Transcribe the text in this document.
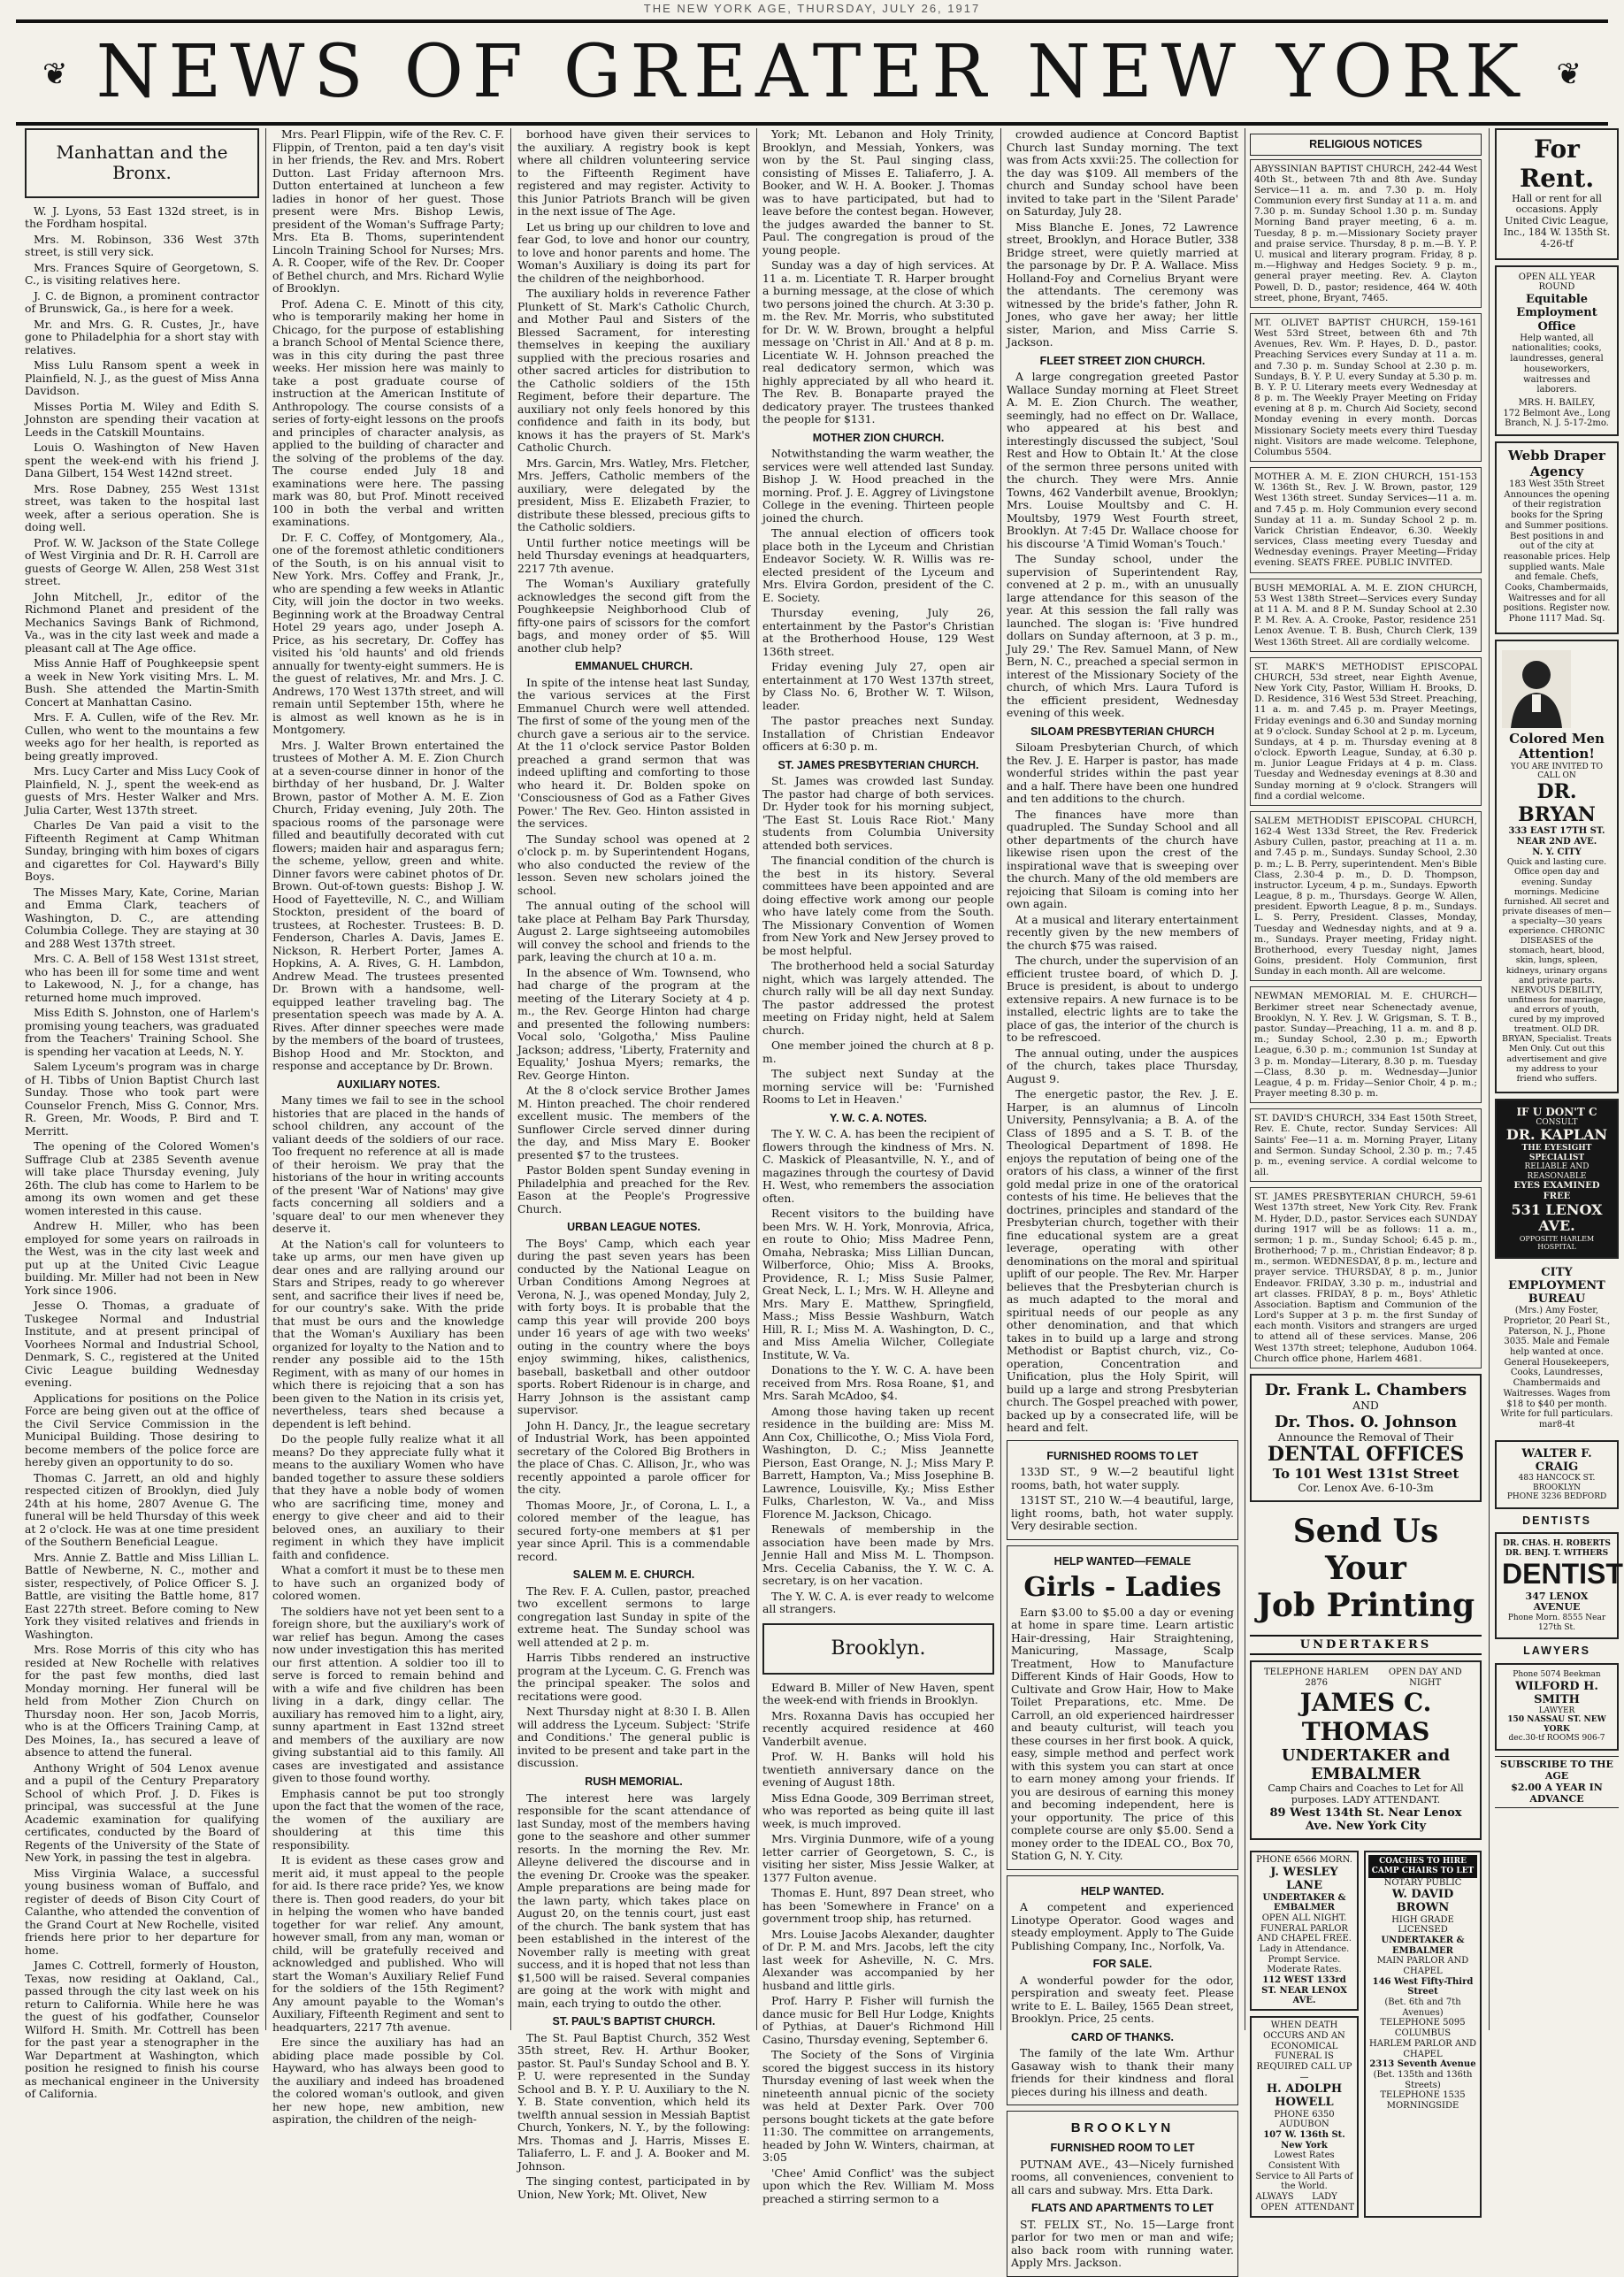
THE NEW YORK AGE, THURSDAY, JULY 26, 1917
❦ NEWS OF GREATER NEW YORK ❦
Manhattan and the Bronx.

W. J. Lyons, 53 East 132d street, is in the Fordham hospital.

Mrs. M. Robinson, 336 West 37th street, is still very sick.

Mrs. Frances Squire of Georgetown, S. C., is visiting relatives here.

J. C. de Bignon, a prominent contractor of Brunswick, Ga., is here for a week.

Mr. and Mrs. G. R. Custes, Jr., have gone to Philadelphia for a short stay with relatives.

Miss Lulu Ransom spent a week in Plainfield, N. J., as the guest of Miss Anna Davidson.

Misses Portia M. Wiley and Edith S. Johnston are spending their vacation at Leeds in the Catskill Mountains.

Louis O. Washington of New Haven spent the week-end with his friend J. Dana Gilbert, 154 West 142nd street.

Mrs. Rose Dabney, 255 West 131st street, was taken to the hospital last week, after a serious operation. She is doing well.

Prof. W. W. Jackson of the State College of West Virginia and Dr. R. H. Carroll are guests of George W. Allen, 258 West 31st street.

John Mitchell, Jr., editor of the Richmond Planet and president of the Mechanics Savings Bank of Richmond, Va., was in the city last week and made a pleasant call at The Age office.

Miss Annie Haff of Poughkeepsie spent a week in New York visiting Mrs. L. M. Bush. She attended the Martin-Smith Concert at Manhattan Casino.

Mrs. F. A. Cullen, wife of the Rev. Mr. Cullen, who went to the mountains a few weeks ago for her health, is reported as being greatly improved.

Mrs. Lucy Carter and Miss Lucy Cook of Plainfield, N. J., spent the week-end as guests of Mrs. Hester Walker and Mrs. Julia Carter, West 137th street.

Charles De Van paid a visit to the Fifteenth Regiment at Camp Whitman Sunday, bringing with him boxes of cigars and cigarettes for Col. Hayward's Billy Boys.

The Misses Mary, Kate, Corine, Marian and Emma Clark, teachers of Washington, D. C., are attending Columbia College. They are staying at 30 and 288 West 137th street.

Mrs. C. A. Bell of 158 West 131st street, who has been ill for some time and went to Lakewood, N. J., for a change, has returned home much improved.

Miss Edith S. Johnston, one of Harlem's promising young teachers, was graduated from the Teachers' Training School. She is spending her vacation at Leeds, N. Y.

Salem Lyceum's program was in charge of H. Tibbs of Union Baptist Church last Sunday. Those who took part were Counselor French, Miss G. Connor, Mrs. R. Green, Mr. Woods, P. Bird and T. Merritt.

The opening of the Colored Women's Suffrage Club at 2385 Seventh avenue will take place Thursday evening, July 26th. The club has come to Harlem to be among its own women and get these women interested in this cause.

Andrew H. Miller, who has been employed for some years on railroads in the West, was in the city last week and put up at the United Civic League building. Mr. Miller had not been in New York since 1906.

Jesse O. Thomas, a graduate of Tuskegee Normal and Industrial Institute, and at present principal of Voorhees Normal and Industrial School, Denmark, S. C., registered at the United Civic League building Wednesday evening.

Applications for positions on the Police Force are being given out at the office of the Civil Service Commission in the Municipal Building. Those desiring to become members of the police force are hereby given an opportunity to do so.

Thomas C. Jarrett, an old and highly respected citizen of Brooklyn, died July 24th at his home, 2807 Avenue G. The funeral will be held Thursday of this week at 2 o'clock. He was at one time president of the Southern Beneficial League.

Mrs. Annie Z. Battle and Miss Lillian L. Battle of Newberne, N. C., mother and sister, respectively, of Police Officer S. J. Battle, are visiting the Battle home, 817 East 227th street. Before coming to New York they visited relatives and friends in Washington.

Mrs. Rose Morris of this city who has resided at New Rochelle with relatives for the past few months, died last Monday morning. Her funeral will be held from Mother Zion Church on Thursday noon. Her son, Jacob Morris, who is at the Officers Training Camp, at Des Moines, Ia., has secured a leave of absence to attend the funeral.

Anthony Wright of 504 Lenox avenue and a pupil of the Century Preparatory School of which Prof. J. D. Fikes is principal, was successful at the June Academic examination for qualifying certificates, conducted by the Board of Regents of the University of the State of New York, in passing the test in algebra.

Miss Virginia Walace, a successful young business woman of Buffalo, and register of deeds of Bison City Court of Calanthe, who attended the convention of the Grand Court at New Rochelle, visited friends here prior to her departure for home.

James C. Cottrell, formerly of Houston, Texas, now residing at Oakland, Cal., passed through the city last week on his return to California. While here he was the guest of his godfather, Counselor Wilford H. Smith. Mr. Cottrell has been for the past year a stenographer in the War Department at Washington, which position he resigned to finish his course as mechanical engineer in the University of California.

Mrs. Pearl Flippin, wife of the Rev. C. F. Flippin, of Trenton, paid a ten day's visit in her friends, the Rev. and Mrs. Robert Dutton. Last Friday afternoon Mrs. Dutton entertained at luncheon a few ladies in honor of her guest. Those present were Mrs. Bishop Lewis, president of the Woman's Suffrage Party; Mrs. Eta B. Thoms, superintendent Lincoln Training School for Nurses; Mrs. A. R. Cooper, wife of the Rev. Dr. Cooper of Bethel church, and Mrs. Richard Wylie of Brooklyn.

Prof. Adena C. E. Minott of this city, who is temporarily making her home in Chicago, for the purpose of establishing a branch School of Mental Science there, was in this city during the past three weeks. Her mission here was mainly to take a post graduate course of instruction at the American Institute of Anthropology. The course consists of a series of forty-eight lessons on the proofs and principles of character analysis, as applied to the building of character and the solving of the problems of the day. The course ended July 18 and examinations were here. The passing mark was 80, but Prof. Minott received 100 in both the verbal and written examinations.

Dr. F. C. Coffey, of Montgomery, Ala., one of the foremost athletic conditioners of the South, is on his annual visit to New York. Mrs. Coffey and Frank, Jr., who are spending a few weeks in Atlantic City, will join the doctor in two weeks. Beginning work at the Broadway Central Hotel 29 years ago, under Joseph A. Price, as his secretary, Dr. Coffey has visited his 'old haunts' and old friends annually for twenty-eight summers. He is the guest of relatives, Mr. and Mrs. J. C. Andrews, 170 West 137th street, and will remain until September 15th, where he is almost as well known as he is in Montgomery.

Mrs. J. Walter Brown entertained the trustees of Mother A. M. E. Zion Church at a seven-course dinner in honor of the birthday of her husband, Dr. J. Walter Brown, pastor of Mother A. M. E. Zion Church, Friday evening, July 20th. The spacious rooms of the parsonage were filled and beautifully decorated with cut flowers; maiden hair and asparagus fern; the scheme, yellow, green and white. Dinner favors were cabinet photos of Dr. Brown. Out-of-town guests: Bishop J. W. Hood of Fayetteville, N. C., and William Stockton, president of the board of trustees, at Rochester. Trustees: B. D. Fenderson, Charles A. Davis, James E. Nickson, R. Herbert Porter, James A. Hopkins, A. A. Rives, G. H. Lambdon, Andrew Mead. The trustees presented Dr. Brown with a handsome, well-equipped leather traveling bag. The presentation speech was made by A. A. Rives. After dinner speeches were made by the members of the board of trustees, Bishop Hood and Mr. Stockton, and response and acceptance by Dr. Brown.

AUXILIARY NOTES.

Many times we fail to see in the school histories that are placed in the hands of school children, any account of the valiant deeds of the soldiers of our race. Too frequent no reference at all is made of their heroism. We pray that the historians of the hour in writing accounts of the present 'War of Nations' may give facts concerning all soldiers and a 'square deal' to our men whenever they deserve it.

At the Nation's call for volunteers to take up arms, our men have given up dear ones and are rallying around our Stars and Stripes, ready to go wherever sent, and sacrifice their lives if need be, for our country's sake. With the pride that must be ours and the knowledge that the Woman's Auxiliary has been organized for loyalty to the Nation and to render any possible aid to the 15th Regiment, with as many of our homes in which there is rejoicing that a son has been given to the Nation in its crisis yet, nevertheless, tears shed because a dependent is left behind.

Do the people fully realize what it all means? Do they appreciate fully what it means to the auxiliary Women who have banded together to assure these soldiers that they have a noble body of women who are sacrificing time, money and energy to give cheer and aid to their beloved ones, an auxiliary to their regiment in which they have implicit faith and confidence.

What a comfort it must be to these men to have such an organized body of colored women.

The soldiers have not yet been sent to a foreign shore, but the auxiliary's work of war relief has begun. Among the cases now under investigation this has merited our first attention. A soldier too ill to serve is forced to remain behind and with a wife and five children has been living in a dark, dingy cellar. The auxiliary has removed him to a light, airy, sunny apartment in East 132nd street and members of the auxiliary are now giving substantial aid to this family. All cases are investigated and assistance given to those found worthy.

Emphasis cannot be put too strongly upon the fact that the women of the race, the women of the auxiliary are shouldering at this time this responsibility.

It is evident as these cases grow and merit aid, it must appeal to the people for aid. Is there race pride? Yes, we know there is. Then good readers, do your bit in helping the women who have banded together for war relief. Any amount, however small, from any man, woman or child, will be gratefully received and acknowledged and published. Who will start the Woman's Auxiliary Relief Fund for the soldiers of the 15th Regiment? Any amount payable to the Woman's Auxiliary, Fifteenth Regiment and sent to headquarters, 2217 7th avenue.

Ere since the auxiliary has had an abiding place made possible by Col. Hayward, who has always been good to the auxiliary and indeed has broadened the colored woman's outlook, and given her new hope, new ambition, new aspiration, the children of the neigh-

borhood have given their services to the auxiliary. A registry book is kept where all children volunteering service to the Fifteenth Regiment have registered and may register. Activity to this Junior Patriots Branch will be given in the next issue of The Age.

Let us bring up our children to love and fear God, to love and honor our country, to love and honor parents and home. The Woman's Auxiliary is doing its part for the children of the neighborhood.

The auxiliary holds in reverence Father Plunkett of St. Mark's Catholic Church, and Mother Paul and Sisters of the Blessed Sacrament, for interesting themselves in keeping the auxiliary supplied with the precious rosaries and other sacred articles for distribution to the Catholic soldiers of the 15th Regiment, before their departure. The auxiliary not only feels honored by this confidence and faith in its body, but knows it has the prayers of St. Mark's Catholic Church.

Mrs. Garcin, Mrs. Watley, Mrs. Fletcher, Mrs. Jeffers, Catholic members of the auxiliary, were delegated by the president, Miss E. Elizabeth Frazier, to distribute these blessed, precious gifts to the Catholic soldiers.

Until further notice meetings will be held Thursday evenings at headquarters, 2217 7th avenue.

The Woman's Auxiliary gratefully acknowledges the second gift from the Poughkeepsie Neighborhood Club of fifty-one pairs of scissors for the comfort bags, and money order of $5. Will another club help?

EMMANUEL CHURCH.

In spite of the intense heat last Sunday, the various services at the First Emmanuel Church were well attended. The first of some of the young men of the church gave a serious air to the service. At the 11 o'clock service Pastor Bolden preached a grand sermon that was indeed uplifting and comforting to those who heard it. Dr. Bolden spoke on 'Consciousness of God as a Father Gives Power.' The Rev. Geo. Hinton assisted in the services.

The Sunday school was opened at 2 o'clock p. m. by Superintendent Hogans, who also conducted the review of the lesson. Seven new scholars joined the school.

The annual outing of the school will take place at Pelham Bay Park Thursday, August 2. Large sightseeing automobiles will convey the school and friends to the park, leaving the church at 10 a. m.

In the absence of Wm. Townsend, who had charge of the program at the meeting of the Literary Society at 4 p. m., the Rev. George Hinton had charge and presented the following numbers: Vocal solo, 'Golgotha,' Miss Pauline Jackson; address, 'Liberty, Fraternity and Equality,' Joshua Myers; remarks, the Rev. George Hinton.

At the 8 o'clock service Brother James M. Hinton preached. The choir rendered excellent music. The members of the Sunflower Circle served dinner during the day, and Miss Mary E. Booker presented $7 to the trustees.

Pastor Bolden spent Sunday evening in Philadelphia and preached for the Rev. Eason at the People's Progressive Church.

URBAN LEAGUE NOTES.

The Boys' Camp, which each year during the past seven years has been conducted by the National League on Urban Conditions Among Negroes at Verona, N. J., was opened Monday, July 2, with forty boys. It is probable that the camp this year will provide 200 boys under 16 years of age with two weeks' outing in the country where the boys enjoy swimming, hikes, calisthenics, baseball, basketball and other outdoor sports. Robert Ridenour is in charge, and Harry Johnson is the assistant camp supervisor.

John H. Dancy, Jr., the league secretary of Industrial Work, has been appointed secretary of the Colored Big Brothers in the place of Chas. C. Allison, Jr., who was recently appointed a parole officer for the city.

Thomas Moore, Jr., of Corona, L. I., a colored member of the league, has secured forty-one members at $1 per year since April. This is a commendable record.

SALEM M. E. CHURCH.

The Rev. F. A. Cullen, pastor, preached two excellent sermons to large congregation last Sunday in spite of the extreme heat. The Sunday school was well attended at 2 p. m.

Harris Tibbs rendered an instructive program at the Lyceum. C. G. French was the principal speaker. The solos and recitations were good.

Next Thursday night at 8:30 I. B. Allen will address the Lyceum. Subject: 'Strife and Conditions.' The general public is invited to be present and take part in the discussion.

RUSH MEMORIAL.

The interest here was largely responsible for the scant attendance of last Sunday, most of the members having gone to the seashore and other summer resorts. In the morning the Rev. Mr. Alleyne delivered the discourse and in the evening Dr. Crooke was the speaker. Ample preparations are being made for the lawn party, which takes place on August 20, on the tennis court, just east of the church. The bank system that has been established in the interest of the November rally is meeting with great success, and it is hoped that not less than $1,500 will be raised. Several companies are going at the work with might and main, each trying to outdo the other.

ST. PAUL'S BAPTIST CHURCH.

The St. Paul Baptist Church, 352 West 35th street, Rev. H. Arthur Booker, pastor. St. Paul's Sunday School and B. Y. P. U. were represented in the Sunday School and B. Y. P. U. Auxiliary to the N. Y. B. State convention, which held its twelfth annual session in Messiah Baptist Church, Yonkers, N. Y., by the following: Mrs. Thomas and J. Harris, Misses E. Taliaferro, L. F. and J. A. Booker and M. Johnson.

The singing contest, participated in by Union, New York; Mt. Olivet, New

York; Mt. Lebanon and Holy Trinity, Brooklyn, and Messiah, Yonkers, was won by the St. Paul singing class, consisting of Misses E. Taliaferro, J. A. Booker, and W. H. A. Booker. J. Thomas was to have participated, but had to leave before the contest began. However, the judges awarded the banner to St. Paul. The congregation is proud of the young people.

Sunday was a day of high services. At 11 a. m. Licentiate T. R. Harper brought a burning message, at the close of which two persons joined the church. At 3:30 p. m. the Rev. Mr. Morris, who substituted for Dr. W. W. Brown, brought a helpful message on 'Christ in All.' And at 8 p. m. Licentiate W. H. Johnson preached the real dedicatory sermon, which was highly appreciated by all who heard it. The Rev. B. Bonaparte prayed the dedicatory prayer. The trustees thanked the people for $131.

MOTHER ZION CHURCH.

Notwithstanding the warm weather, the services were well attended last Sunday. Bishop J. W. Hood preached in the morning. Prof. J. E. Aggrey of Livingstone College in the evening. Thirteen people joined the church.

The annual election of officers took place both in the Lyceum and Christian Endeavor Society. W. R. Willis was re-elected president of the Lyceum and Mrs. Elvira Gordon, president of the C. E. Society.

Thursday evening, July 26, entertainment by the Pastor's Christian at the Brotherhood House, 129 West 136th street.

Friday evening July 27, open air entertainment at 170 West 137th street, by Class No. 6, Brother W. T. Wilson, leader.

The pastor preaches next Sunday. Installation of Christian Endeavor officers at 6:30 p. m.

ST. JAMES PRESBYTERIAN CHURCH.

St. James was crowded last Sunday. The pastor had charge of both services. Dr. Hyder took for his morning subject, 'The East St. Louis Race Riot.' Many students from Columbia University attended both services.

The financial condition of the church is the best in its history. Several committees have been appointed and are doing effective work among our people who have lately come from the South. The Missionary Convention of Women from New York and New Jersey proved to be most helpful.

The brotherhood held a social Saturday night, which was largely attended. The church rally will be all day next Sunday. The pastor addressed the protest meeting on Friday night, held at Salem church.

One member joined the church at 8 p. m.

The subject next Sunday at the morning service will be: 'Furnished Rooms to Let in Heaven.'

Y. W. C. A. NOTES.

The Y. W. C. A. has been the recipient of flowers through the kindness of Mrs. N. C. Maskick of Pleasantville, N. Y., and of magazines through the courtesy of David H. West, who remembers the association often.

Recent visitors to the building have been Mrs. W. H. York, Monrovia, Africa, en route to Ohio; Miss Madree Penn, Omaha, Nebraska; Miss Lillian Duncan, Wilberforce, Ohio; Miss A. Brooks, Providence, R. I.; Miss Susie Palmer, Great Neck, L. I.; Mrs. W. H. Alleyne and Mrs. Mary E. Matthew, Springfield, Mass.; Miss Bessie Washburn, Watch Hill, R. I.; Miss M. A. Washington, D. C., and Miss Amelia Wilcher, Collegiate Institute, W. Va.

Donations to the Y. W. C. A. have been received from Mrs. Rosa Roane, $1, and Mrs. Sarah McAdoo, $4.

Among those having taken up recent residence in the building are: Miss M. Ann Cox, Chillicothe, O.; Miss Viola Ford, Washington, D. C.; Miss Jeannette Pierson, East Orange, N. J.; Miss Mary P. Barrett, Hampton, Va.; Miss Josephine B. Lawrence, Louisville, Ky.; Miss Esther Fulks, Charleston, W. Va., and Miss Florence M. Jackson, Chicago.

Renewals of membership in the association have been made by Mrs. Jennie Hall and Miss M. L. Thompson. Mrs. Cecelia Cabaniss, the Y. W. C. A. secretary, is on her vacation.

The Y. W. C. A. is ever ready to welcome all strangers.

Brooklyn.

Edward B. Miller of New Haven, spent the week-end with friends in Brooklyn.

Mrs. Roxanna Davis has occupied her recently acquired residence at 460 Vanderbilt avenue.

Prof. W. H. Banks will hold his twentieth anniversary dance on the evening of August 18th.

Miss Edna Goode, 309 Berriman street, who was reported as being quite ill last week, is much improved.

Mrs. Virginia Dunmore, wife of a young letter carrier of Georgetown, S. C., is visiting her sister, Miss Jessie Walker, at 1377 Fulton avenue.

Thomas E. Hunt, 897 Dean street, who has been 'Somewhere in France' on a government troop ship, has returned.

Mrs. Louise Jacobs Alexander, daughter of Dr. P. M. and Mrs. Jacobs, left the city last week for Asheville, N. C. Mrs. Alexander was accompanied by her husband and little girls.

Prof. Harry P. Fisher will furnish the dance music for Bell Hur Lodge, Knights of Pythias, at Dauer's Richmond Hill Casino, Thursday evening, September 6.

The Society of the Sons of Virginia scored the biggest success in its history Thursday evening of last week when the nineteenth annual picnic of the society was held at Dexter Park. Over 700 persons bought tickets at the gate before 11:30. The committee on arrangements, headed by John W. Winters, chairman, at 3:05

'Chee' Amid Conflict' was the subject upon which the Rev. William M. Moss preached a stirring sermon to a

crowded audience at Concord Baptist Church last Sunday morning. The text was from Acts xxvii:25. The collection for the day was $109. All members of the church and Sunday school have been invited to take part in the 'Silent Parade' on Saturday, July 28.

Miss Blanche E. Jones, 72 Lawrence street, Brooklyn, and Horace Butler, 338 Bridge street, were quietly married at the parsonage by Dr. P. A. Wallace. Miss Holland-Foy and Cornelius Bryant were the attendants. The ceremony was witnessed by the bride's father, John R. Jones, who gave her away; her little sister, Marion, and Miss Carrie S. Jackson.

FLEET STREET ZION CHURCH.

A large congregation greeted Pastor Wallace Sunday morning at Fleet Street A. M. E. Zion Church. The weather, seemingly, had no effect on Dr. Wallace, who appeared at his best and interestingly discussed the subject, 'Soul Rest and How to Obtain It.' At the close of the sermon three persons united with the church. They were Mrs. Annie Towns, 462 Vanderbilt avenue, Brooklyn; Mrs. Louise Moultsby and C. H. Moultsby, 1979 West Fourth street, Brooklyn. At 7:45 Dr. Wallace choose for his discourse 'A Timid Woman's Touch.'

The Sunday school, under the supervision of Superintendent Ray, convened at 2 p. m., with an unusually large attendance for this season of the year. At this session the fall rally was launched. The slogan is: 'Five hundred dollars on Sunday afternoon, at 3 p. m., July 29.' The Rev. Samuel Mann, of New Bern, N. C., preached a special sermon in interest of the Missionary Society of the church, of which Mrs. Laura Tuford is the efficient president, Wednesday evening of this week.

SILOAM PRESBYTERIAN CHURCH

Siloam Presbyterian Church, of which the Rev. J. E. Harper is pastor, has made wonderful strides within the past year and a half. There have been one hundred and ten additions to the church.

The finances have more than quadrupled. The Sunday School and all other departments of the church have likewise risen upon the crest of the inspirational wave that is sweeping over the church. Many of the old members are rejoicing that Siloam is coming into her own again.

At a musical and literary entertainment recently given by the new members of the church $75 was raised.

The church, under the supervision of an efficient trustee board, of which D. J. Bruce is president, is about to undergo extensive repairs. A new furnace is to be installed, electric lights are to take the place of gas, the interior of the church is to be refrescoed.

The annual outing, under the auspices of the church, takes place Thursday, August 9.

The energetic pastor, the Rev. J. E. Harper, is an alumnus of Lincoln University, Pennsylvania; a B. A. of the Class of 1895 and a S. T. B. of the Theological Department of 1898. He enjoys the reputation of being one of the orators of his class, a winner of the first gold medal prize in one of the oratorical contests of his time. He believes that the doctrines, principles and standard of the Presbyterian church, together with their fine educational system are a great leverage, operating with other denominations on the moral and spiritual uplift of our people. The Rev. Mr. Harper believes that the Presbyterian church is as much adapted to the moral and spiritual needs of our people as any other denomination, and that which takes in to build up a large and strong Methodist or Baptist church, viz., Co-operation, Concentration and Unification, plus the Holy Spirit, will build up a large and strong Presbyterian church. The Gospel preached with power, backed up by a consecrated life, will be heard and felt.

FURNISHED ROOMS TO LET

133D ST., 9 W.—2 beautiful light rooms, bath, hot water supply.

131ST ST., 210 W.—4 beautiful, large, light rooms, bath, hot water supply. Very desirable section.

HELP WANTED—FEMALE
Girls - Ladies

Earn $3.00 to $5.00 a day or evening at home in spare time. Learn artistic Hair-dressing, Hair Straightening, Manicuring, Massage, Scalp Treatment, How to Manufacture Different Kinds of Hair Goods, How to Cultivate and Grow Hair, How to Make Toilet Preparations, etc. Mme. De Carroll, an old experienced hairdresser and beauty culturist, will teach you these courses in her first book. A quick, easy, simple method and perfect work with this system you can start at once to earn money among your friends. If you are desirous of earning this money and becoming independent, here is your opportunity. The price of this complete course are only $5.00. Send a money order to the IDEAL CO., Box 70, Station G, N. Y. City.

HELP WANTED.

A competent and experienced Linotype Operator. Good wages and steady employment. Apply to The Guide Publishing Company, Inc., Norfolk, Va.

FOR SALE.

A wonderful powder for the odor, perspiration and sweaty feet. Please write to E. L. Bailey, 1565 Dean street, Brooklyn. Price, 25 cents.

CARD OF THANKS.

The family of the late Wm. Arthur Gasaway wish to thank their many friends for their kindness and floral pieces during his illness and death.

BROOKLYN
FURNISHED ROOM TO LET

PUTNAM AVE., 43—Nicely furnished rooms, all conveniences, convenient to all cars and subway. Mrs. Etta Dark.

FLATS AND APARTMENTS TO LET

ST. FELIX ST., No. 15—Large front parlor for two men or man and wife; also back room with running water. Apply Mrs. Jackson.

RELIGIOUS NOTICES
ABYSSINIAN BAPTIST CHURCH, 242-44 West 40th St., between 7th and 8th Ave. Sunday Service—11 a. m. and 7.30 p. m. Holy Communion every first Sunday at 11 a. m. and 7.30 p. m. Sunday School 1.30 p. m. Sunday Morning Band prayer meeting, 6 a. m. Tuesday, 8 p. m.—Missionary Society prayer and praise service. Thursday, 8 p. m.—B. Y. P. U. musical and literary program. Friday, 8 p. m.—Highway and Hedges Society. 9 p. m., general prayer meeting. Rev. A. Clayton Powell, D. D., pastor; residence, 464 W. 40th street, phone, Bryant, 7465.
MT. OLIVET BAPTIST CHURCH, 159-161 West 53rd Street, between 6th and 7th Avenues, Rev. Wm. P. Hayes, D. D., pastor. Preaching Services every Sunday at 11 a. m. and 7.30 p. m. Sunday School at 2.30 p. m. Sundays, B. Y. P. U. every Sunday at 5.30 p. m. B. Y. P. U. Literary meets every Wednesday at 8 p. m. The Weekly Prayer Meeting on Friday evening at 8 p. m. Church Aid Society, second Monday evening in every month. Dorcas Missionary Society meets every third Tuesday night. Visitors are made welcome. Telephone, Columbus 5504.
MOTHER A. M. E. ZION CHURCH, 151-153 W. 136th St., Rev. J. W. Brown, pastor, 129 West 136th street. Sunday Services—11 a. m. and 7.45 p. m. Holy Communion every second Sunday at 11 a. m. Sunday School 2 p. m. Varick Christian Endeavor, 6.30. Weekly services, Class meeting every Tuesday and Wednesday evenings. Prayer Meeting—Friday evening. SEATS FREE. PUBLIC INVITED.
BUSH MEMORIAL A. M. E. ZION CHURCH, 53 West 138th Street—Services every Sunday at 11 A. M. and 8 P. M. Sunday School at 2.30 P. M. Rev. A. A. Crooke, Pastor, residence 251 Lenox Avenue. T. B. Bush, Church Clerk, 139 West 136th Street. All are cordially welcome.
ST. MARK'S METHODIST EPISCOPAL CHURCH, 53d street, near Eighth Avenue, New York City, Pastor, William H. Brooks, D. D. Residence, 316 West 53d Street. Preaching, 11 a. m. and 7.45 p. m. Prayer Meetings, Friday evenings and 6.30 and Sunday morning at 9 o'clock. Sunday School at 2 p. m. Lyceum, Sundays, at 4 p. m. Thursday evening at 8 o'clock. Epworth League, Sunday, at 6.30 p. m. Junior League Fridays at 4 p. m. Class. Tuesday and Wednesday evenings at 8.30 and Sunday morning at 9 o'clock. Strangers will find a cordial welcome.
SALEM METHODIST EPISCOPAL CHURCH, 162-4 West 133d Street, the Rev. Frederick Asbury Cullen, pastor, preaching at 11 a. m. and 7.45 p. m., Sundays. Sunday School, 2.30 p. m.; L. B. Perry, superintendent. Men's Bible Class, 2.30-4 p. m., D. D. Thompson, instructor. Lyceum, 4 p. m., Sundays. Epworth League, 8 p. m., Thursdays. George W. Allen, president. Epworth League, 8 p. m., Sundays. L. S. Perry, President. Classes, Monday, Tuesday and Wednesday nights, and at 9 a. m., Sundays. Prayer meeting, Friday night. Brotherhood, every Tuesday night, James Goins, president. Holy Communion, first Sunday in each month. All are welcome.
NEWMAN MEMORIAL M. E. CHURCH—Berkimer street near Schenectady avenue, Brooklyn, N. Y. Rev. J. W. Grigsman, S. T. B., pastor. Sunday—Preaching, 11 a. m. and 8 p. m.; Sunday School, 2.30 p. m.; Epworth League, 6.30 p. m.; communion 1st Sunday at 3 p. m. Monday—Literary, 8.30 p. m. Tuesday—Class, 8.30 p. m. Wednesday—Junior League, 4 p. m. Friday—Senior Choir, 4 p. m.; Prayer meeting 8.30 p. m.
ST. DAVID'S CHURCH, 334 East 150th Street, Rev. E. Chute, rector. Sunday Services: All Saints' Fee—11 a. m. Morning Prayer, Litany and Sermon. Sunday School, 2.30 p. m.; 7.45 p. m., evening service. A cordial welcome to all.
ST. JAMES PRESBYTERIAN CHURCH, 59-61 West 137th street, New York City. Rev. Frank M. Hyder, D.D., pastor. Services each SUNDAY during 1917 will be as follows: 11 a. m., sermon; 1 p. m., Sunday School; 6.45 p. m., Brotherhood; 7 p. m., Christian Endeavor; 8 p. m., sermon. WEDNESDAY, 8 p. m., lecture and prayer service. THURSDAY, 8 p. m., Junior Endeavor. FRIDAY, 3.30 p. m., industrial and art classes. FRIDAY, 8 p. m., Boys' Athletic Association. Baptism and Communion of the Lord's Supper at 3 p. m. the first Sunday of each month. Visitors and strangers are urged to attend all of these services. Manse, 206 West 137th street; telephone, Audubon 1064. Church office phone, Harlem 4681.
Dr. Frank L. Chambers
AND
Dr. Thos. O. Johnson
Announce the Removal of Their
DENTAL OFFICES
To 101 West 131st Street
Cor. Lenox Ave. 6-10-3m
Send Us Your
Job Printing
UNDERTAKERS
TELEPHONE HARLEM 2876
OPEN DAY AND NIGHT
JAMES C. THOMAS
UNDERTAKER and EMBALMER
Camp Chairs and Coaches to Let for All purposes. LADY ATTENDANT.
89 West 134th St. Near Lenox Ave. New York City
PHONE 6566 MORN.
J. WESLEY LANE
UNDERTAKER & EMBALMER
OPEN ALL NIGHT. FUNERAL PARLOR AND CHAPEL FREE. Lady in Attendance. Prompt Service. Moderate Rates.
112 WEST 133rd ST. NEAR LENOX AVE.
WHEN DEATH OCCURS AND AN ECONOMICAL FUNERAL IS REQUIRED CALL UP—
H. ADOLPH HOWELL
PHONE 6350 AUDUBON
107 W. 136th St. New York
Lowest Rates Consistent With Service to All Parts of the World.
ALWAYS OPEN
LADY ATTENDANT
COACHES TO HIRE CAMP CHAIRS TO LET
NOTARY PUBLIC
W. DAVID BROWN
HIGH GRADE LICENSED
UNDERTAKER & EMBALMER
MAIN PARLOR AND CHAPEL
146 West Fifty-Third Street
(Bet. 6th and 7th Avenues)
TELEPHONE 5095 COLUMBUS
HARLEM PARLOR AND CHAPEL
2313 Seventh Avenue
(Bet. 135th and 136th Streets)
TELEPHONE 1535 MORNINGSIDE
For Rent.

Hall or rent for all occasions. Apply United Civic League, Inc., 184 W. 135th St. 4-26-tf

OPEN ALL YEAR ROUND
Equitable Employment Office

Help wanted, all nationalities; cooks, laundresses, general houseworkers, waitresses and laborers.

MRS. H. BAILEY,
172 Belmont Ave., Long Branch, N. J. 5-17-2mo.
Webb Draper Agency
183 West 35th Street

Announces the opening of their registration books for the Spring and Summer positions. Best positions in and out of the city at reasonable prices. Help supplied wants. Male and female. Chefs, Cooks, Chambermaids, Waitresses and for all positions. Register now. Phone 1117 Mad. Sq.

Colored Men
Attention!
YOU ARE INVITED TO CALL ON
DR. BRYAN
333 EAST 17TH ST.
NEAR 2ND AVE.
N. Y. CITY

Quick and lasting cure. Office open day and evening. Sunday mornings. Medicine furnished. All secret and private diseases of men—a specialty—30 years experience. CHRONIC DISEASES of the stomach, heart, blood, skin, lungs, spleen, kidneys, urinary organs and private parts. NERVOUS DEBILITY, unfitness for marriage, and errors of youth, cured by my improved treatment. OLD DR. BRYAN, Specialist. Treats Men Only. Cut out this advertisement and give my address to your friend who suffers.

IF U DON'T C
CONSULT
DR. KAPLAN
THE EYESIGHT SPECIALIST
RELIABLE AND REASONABLE
EYES EXAMINED FREE
531 LENOX AVE.
OPPOSITE HARLEM HOSPITAL
CITY EMPLOYMENT BUREAU

(Mrs.) Amy Foster, Proprietor, 20 Pearl St., Paterson, N. J., Phone 3035. Male and Female help wanted at once. General Housekeepers, Cooks, Laundresses, Chambermaids and Waitresses. Wages from $18 to $40 per month. Write for full particulars. mar8-4t

WALTER F. CRAIG
483 HANCOCK ST. BROOKLYN
PHONE 3236 BEDFORD
DENTISTS
DR. CHAS. H. ROBERTS DR. BENJ. T. WITHERS
DENTIST
347 LENOX AVENUE
Phone Morn. 8555 Near 127th St.
LAWYERS
Phone 5074 Beekman
WILFORD H. SMITH
LAWYER
150 NASSAU ST. NEW YORK
dec.30-tf ROOMS 906-7
SUBSCRIBE TO THE AGE
$2.00 A YEAR IN ADVANCE
